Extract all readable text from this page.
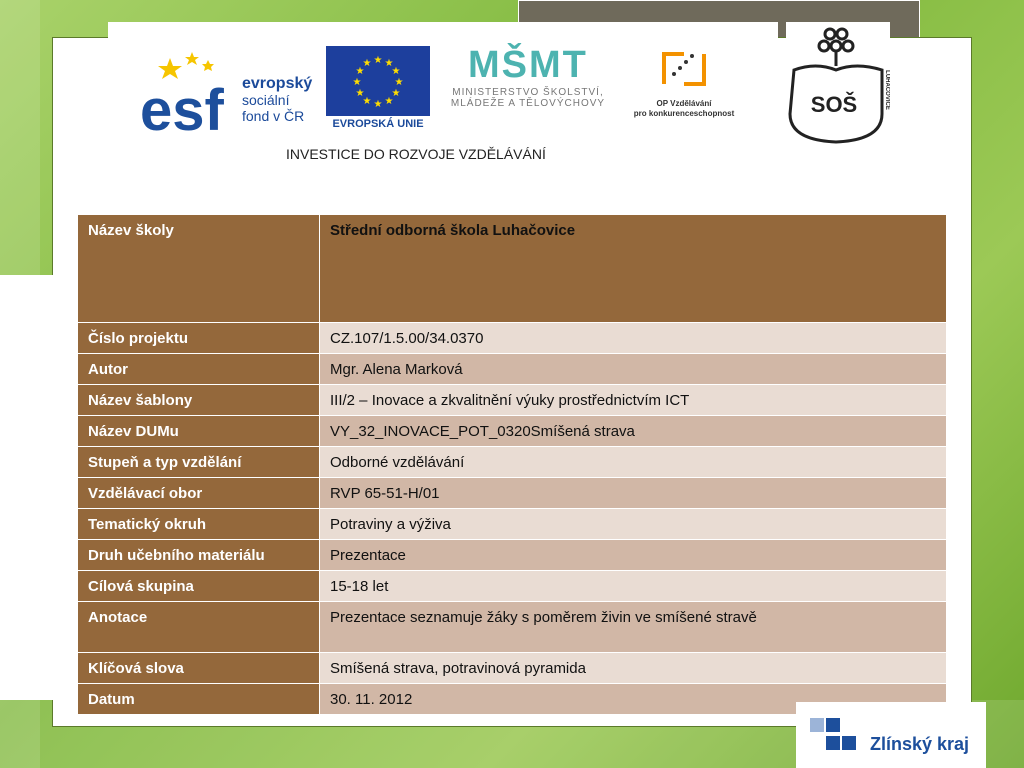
esf evropský
sociální
fond v ČR
★ ★
★
★
★
★
★
★
★
★
★
★
EVROPSKÁ UNIE
MŠMT
MINISTERSTVO ŠKOLSTVÍ,
MLÁDEŽE A TĚLOVÝCHOVY	OP Vzdělávání
pro konkurenceschopnost
INVESTICE DO ROZVOJE VZDĚLÁVÁNÍ
SOŠ	LUHAČOVICE
Název školy	Střední odborná škola Luhačovice
Číslo projektu	CZ.107/1.5.00/34.0370
Autor	Mgr. Alena Marková
Název šablony	III/2 – Inovace a zkvalitnění výuky prostřednictvím ICT
Název DUMu	VY_32_INOVACE_POT_0320Smíšená strava
Stupeň a typ vzdělání	Odborné vzdělávání
Vzdělávací obor	RVP 65-51-H/01
Tematický okruh	Potraviny a výživa
Druh učebního materiálu	Prezentace
Cílová skupina	15-18 let
Anotace	Prezentace seznamuje žáky s poměrem živin ve smíšené stravě
Klíčová slova	Smíšená strava, potravinová pyramida
Datum	30. 11. 2012
Zlínský kraj
